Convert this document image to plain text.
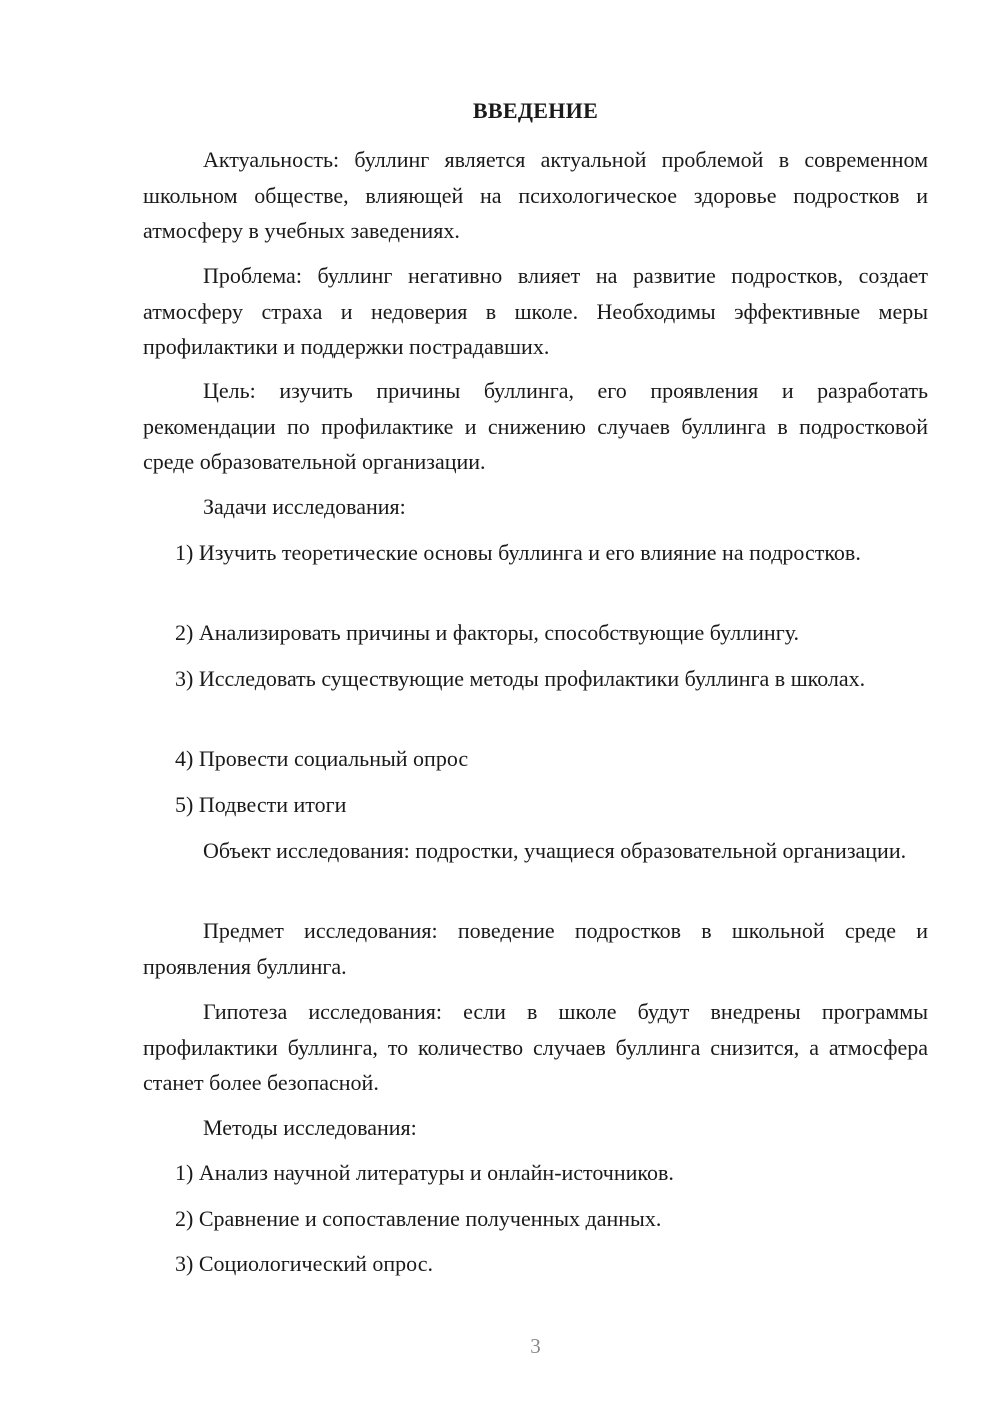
ВВЕДЕНИЕ
Актуальность: буллинг является актуальной проблемой в современном школьном обществе, влияющей на психологическое здоровье подростков и атмосферу в учебных заведениях.
Проблема: буллинг негативно влияет на развитие подростков, создает атмосферу страха и недоверия в школе. Необходимы эффективные меры профилактики и поддержки пострадавших.
Цель: изучить причины буллинга, его проявления и разработать рекомендации по профилактике и снижению случаев буллинга в подростковой среде образовательной организации.
Задачи исследования:
1) Изучить теоретические основы буллинга и его влияние на подростков.
2) Анализировать причины и факторы, способствующие буллингу.
3) Исследовать существующие методы профилактики буллинга в школах.
4) Провести социальный опрос
5) Подвести итоги
Объект исследования: подростки, учащиеся образовательной организации.
Предмет исследования: поведение подростков в школьной среде и проявления буллинга.
Гипотеза исследования: если в школе будут внедрены программы профилактики буллинга, то количество случаев буллинга снизится, а атмосфера станет более безопасной.
Методы исследования:
1) Анализ научной литературы и онлайн-источников.
2) Сравнение и сопоставление полученных данных.
3) Социологический опрос.
3
